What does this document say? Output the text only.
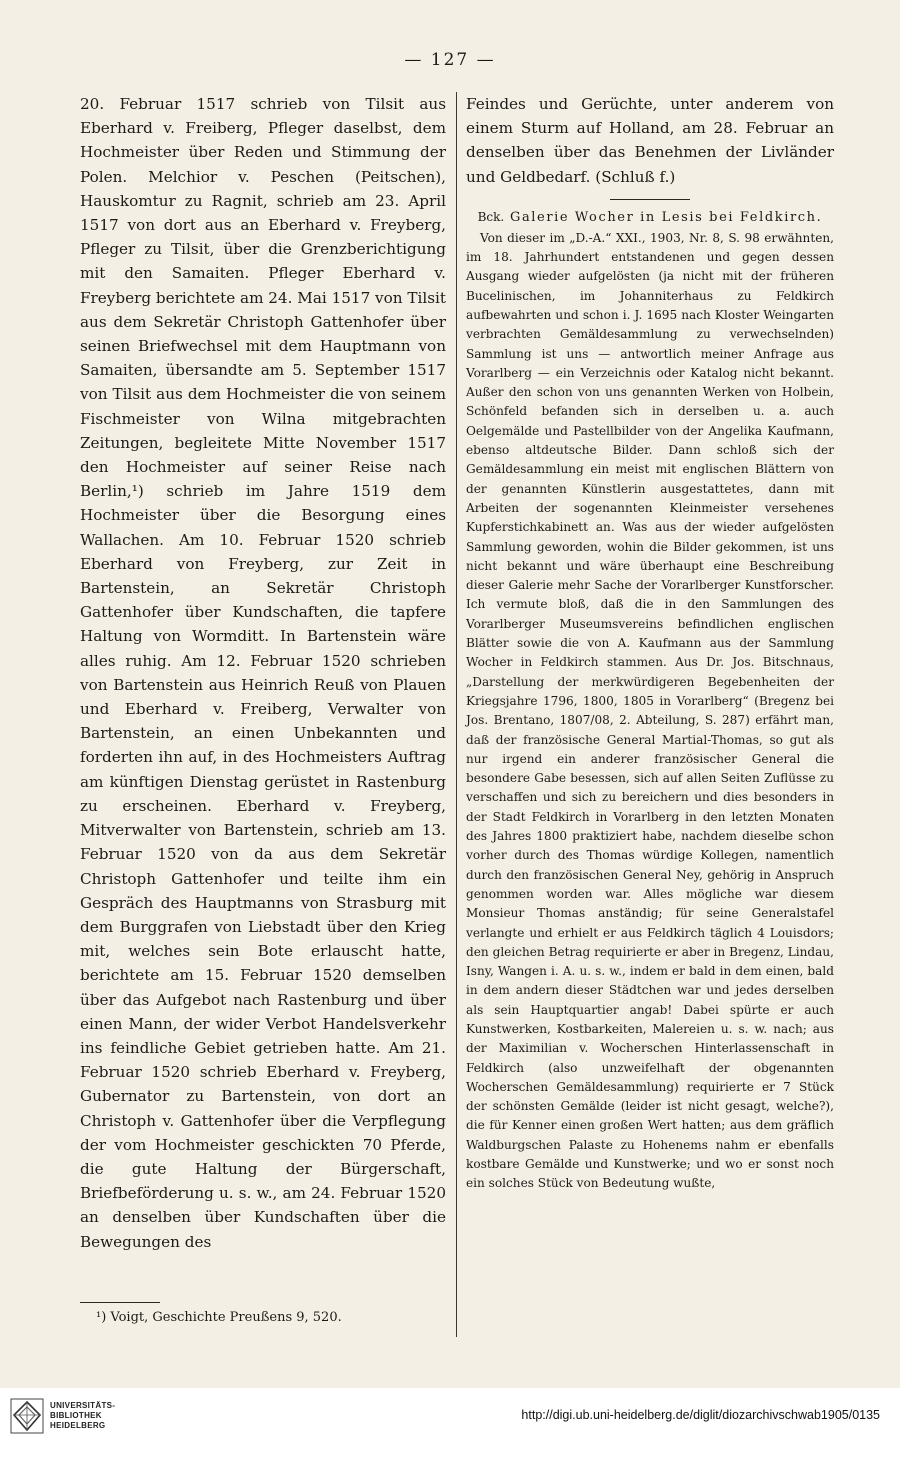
— 127 —

20. Februar 1517 schrieb von Tilsit aus Eberhard v. Freiberg, Pfleger daselbst, dem Hochmeister über Reden und Stimmung der Polen. Melchior v. Peschen (Peitschen), Hauskomtur zu Ragnit, schrieb am 23. April 1517 von dort aus an Eberhard v. Freyberg, Pfleger zu Tilsit, über die Grenzberichtigung mit den Samaiten. Pfleger Eberhard v. Freyberg berichtete am 24. Mai 1517 von Tilsit aus dem Sekretär Christoph Gattenhofer über seinen Briefwechsel mit dem Hauptmann von Samaiten, übersandte am 5. September 1517 von Tilsit aus dem Hochmeister die von seinem Fischmeister von Wilna mitgebrachten Zeitungen, begleitete Mitte November 1517 den Hochmeister auf seiner Reise nach Berlin,¹) schrieb im Jahre 1519 dem Hochmeister über die Besorgung eines Wallachen. Am 10. Februar 1520 schrieb Eberhard von Freyberg, zur Zeit in Bartenstein, an Sekretär Christoph Gattenhofer über Kundschaften, die tapfere Haltung von Wormditt. In Bartenstein wäre alles ruhig. Am 12. Februar 1520 schrieben von Bartenstein aus Heinrich Reuß von Plauen und Eberhard v. Freiberg, Verwalter von Bartenstein, an einen Unbekannten und forderten ihn auf, in des Hochmeisters Auftrag am künftigen Dienstag gerüstet in Rastenburg zu erscheinen. Eberhard v. Freyberg, Mitverwalter von Bartenstein, schrieb am 13. Februar 1520 von da aus dem Sekretär Christoph Gattenhofer und teilte ihm ein Gespräch des Hauptmanns von Strasburg mit dem Burggrafen von Liebstadt über den Krieg mit, welches sein Bote erlauscht hatte, berichtete am 15. Februar 1520 demselben über das Aufgebot nach Rastenburg und über einen Mann, der wider Verbot Handelsverkehr ins feindliche Gebiet getrieben hatte. Am 21. Februar 1520 schrieb Eberhard v. Freyberg, Gubernator zu Bartenstein, von dort an Christoph v. Gattenhofer über die Verpflegung der vom Hochmeister geschickten 70 Pferde, die gute Haltung der Bürgerschaft, Briefbeförderung u. s. w., am 24. Februar 1520 an denselben über Kundschaften über die Bewegungen des

Feindes und Gerüchte, unter anderem von einem Sturm auf Holland, am 28. Februar an denselben über das Benehmen der Livländer und Geldbedarf. (Schluß f.)

Bck. Galerie Wocher in Lesis bei Feldkirch.

Von dieser im „D.-A.“ XXI., 1903, Nr. 8, S. 98 erwähnten, im 18. Jahrhundert entstandenen und gegen dessen Ausgang wieder aufgelösten (ja nicht mit der früheren Bucelinischen, im Johanniterhaus zu Feldkirch aufbewahrten und schon i. J. 1695 nach Kloster Weingarten verbrachten Gemäldesammlung zu verwechselnden) Sammlung ist uns — antwortlich meiner Anfrage aus Vorarlberg — ein Verzeichnis oder Katalog nicht bekannt. Außer den schon von uns genannten Werken von Holbein, Schönfeld befanden sich in derselben u. a. auch Oelgemälde und Pastellbilder von der Angelika Kaufmann, ebenso altdeutsche Bilder. Dann schloß sich der Gemäldesammlung ein meist mit englischen Blättern von der genannten Künstlerin ausgestattetes, dann mit Arbeiten der sogenannten Kleinmeister versehenes Kupferstichkabinett an. Was aus der wieder aufgelösten Sammlung geworden, wohin die Bilder gekommen, ist uns nicht bekannt und wäre überhaupt eine Beschreibung dieser Galerie mehr Sache der Vorarlberger Kunstforscher. Ich vermute bloß, daß die in den Sammlungen des Vorarlberger Museumsvereins befindlichen englischen Blätter sowie die von A. Kaufmann aus der Sammlung Wocher in Feldkirch stammen. Aus Dr. Jos. Bitschnaus, „Darstellung der merkwürdigeren Begebenheiten der Kriegsjahre 1796, 1800, 1805 in Vorarlberg“ (Bregenz bei Jos. Brentano, 1807/08, 2. Abteilung, S. 287) erfährt man, daß der französische General Martial-Thomas, so gut als nur irgend ein anderer französischer General die besondere Gabe besessen, sich auf allen Seiten Zuflüsse zu verschaffen und sich zu bereichern und dies besonders in der Stadt Feldkirch in Vorarlberg in den letzten Monaten des Jahres 1800 praktiziert habe, nachdem dieselbe schon vorher durch des Thomas würdige Kollegen, namentlich durch den französischen General Ney, gehörig in Anspruch genommen worden war. Alles mögliche war diesem Monsieur Thomas anständig; für seine Generalstafel verlangte und erhielt er aus Feldkirch täglich 4 Louisdors; den gleichen Betrag requirierte er aber in Bregenz, Lindau, Isny, Wangen i. A. u. s. w., indem er bald in dem einen, bald in dem andern dieser Städtchen war und jedes derselben als sein Hauptquartier angab! Dabei spürte er auch Kunstwerken, Kostbarkeiten, Malereien u. s. w. nach; aus der Maximilian v. Wocherschen Hinterlassenschaft in Feldkirch (also unzweifelhaft der obgenannten Wocherschen Gemäldesammlung) requirierte er 7 Stück der schönsten Gemälde (leider ist nicht gesagt, welche?), die für Kenner einen großen Wert hatten; aus dem gräflich Waldburgschen Palaste zu Hohenems nahm er ebenfalls kostbare Gemälde und Kunstwerke; und wo er sonst noch ein solches Stück von Bedeutung wußte,

¹) Voigt, Geschichte Preußens 9, 520.
UNIVERSITÄTS-
BIBLIOTHEK
HEIDELBERG
http://digi.ub.uni-heidelberg.de/diglit/diozarchivschwab1905/0135
